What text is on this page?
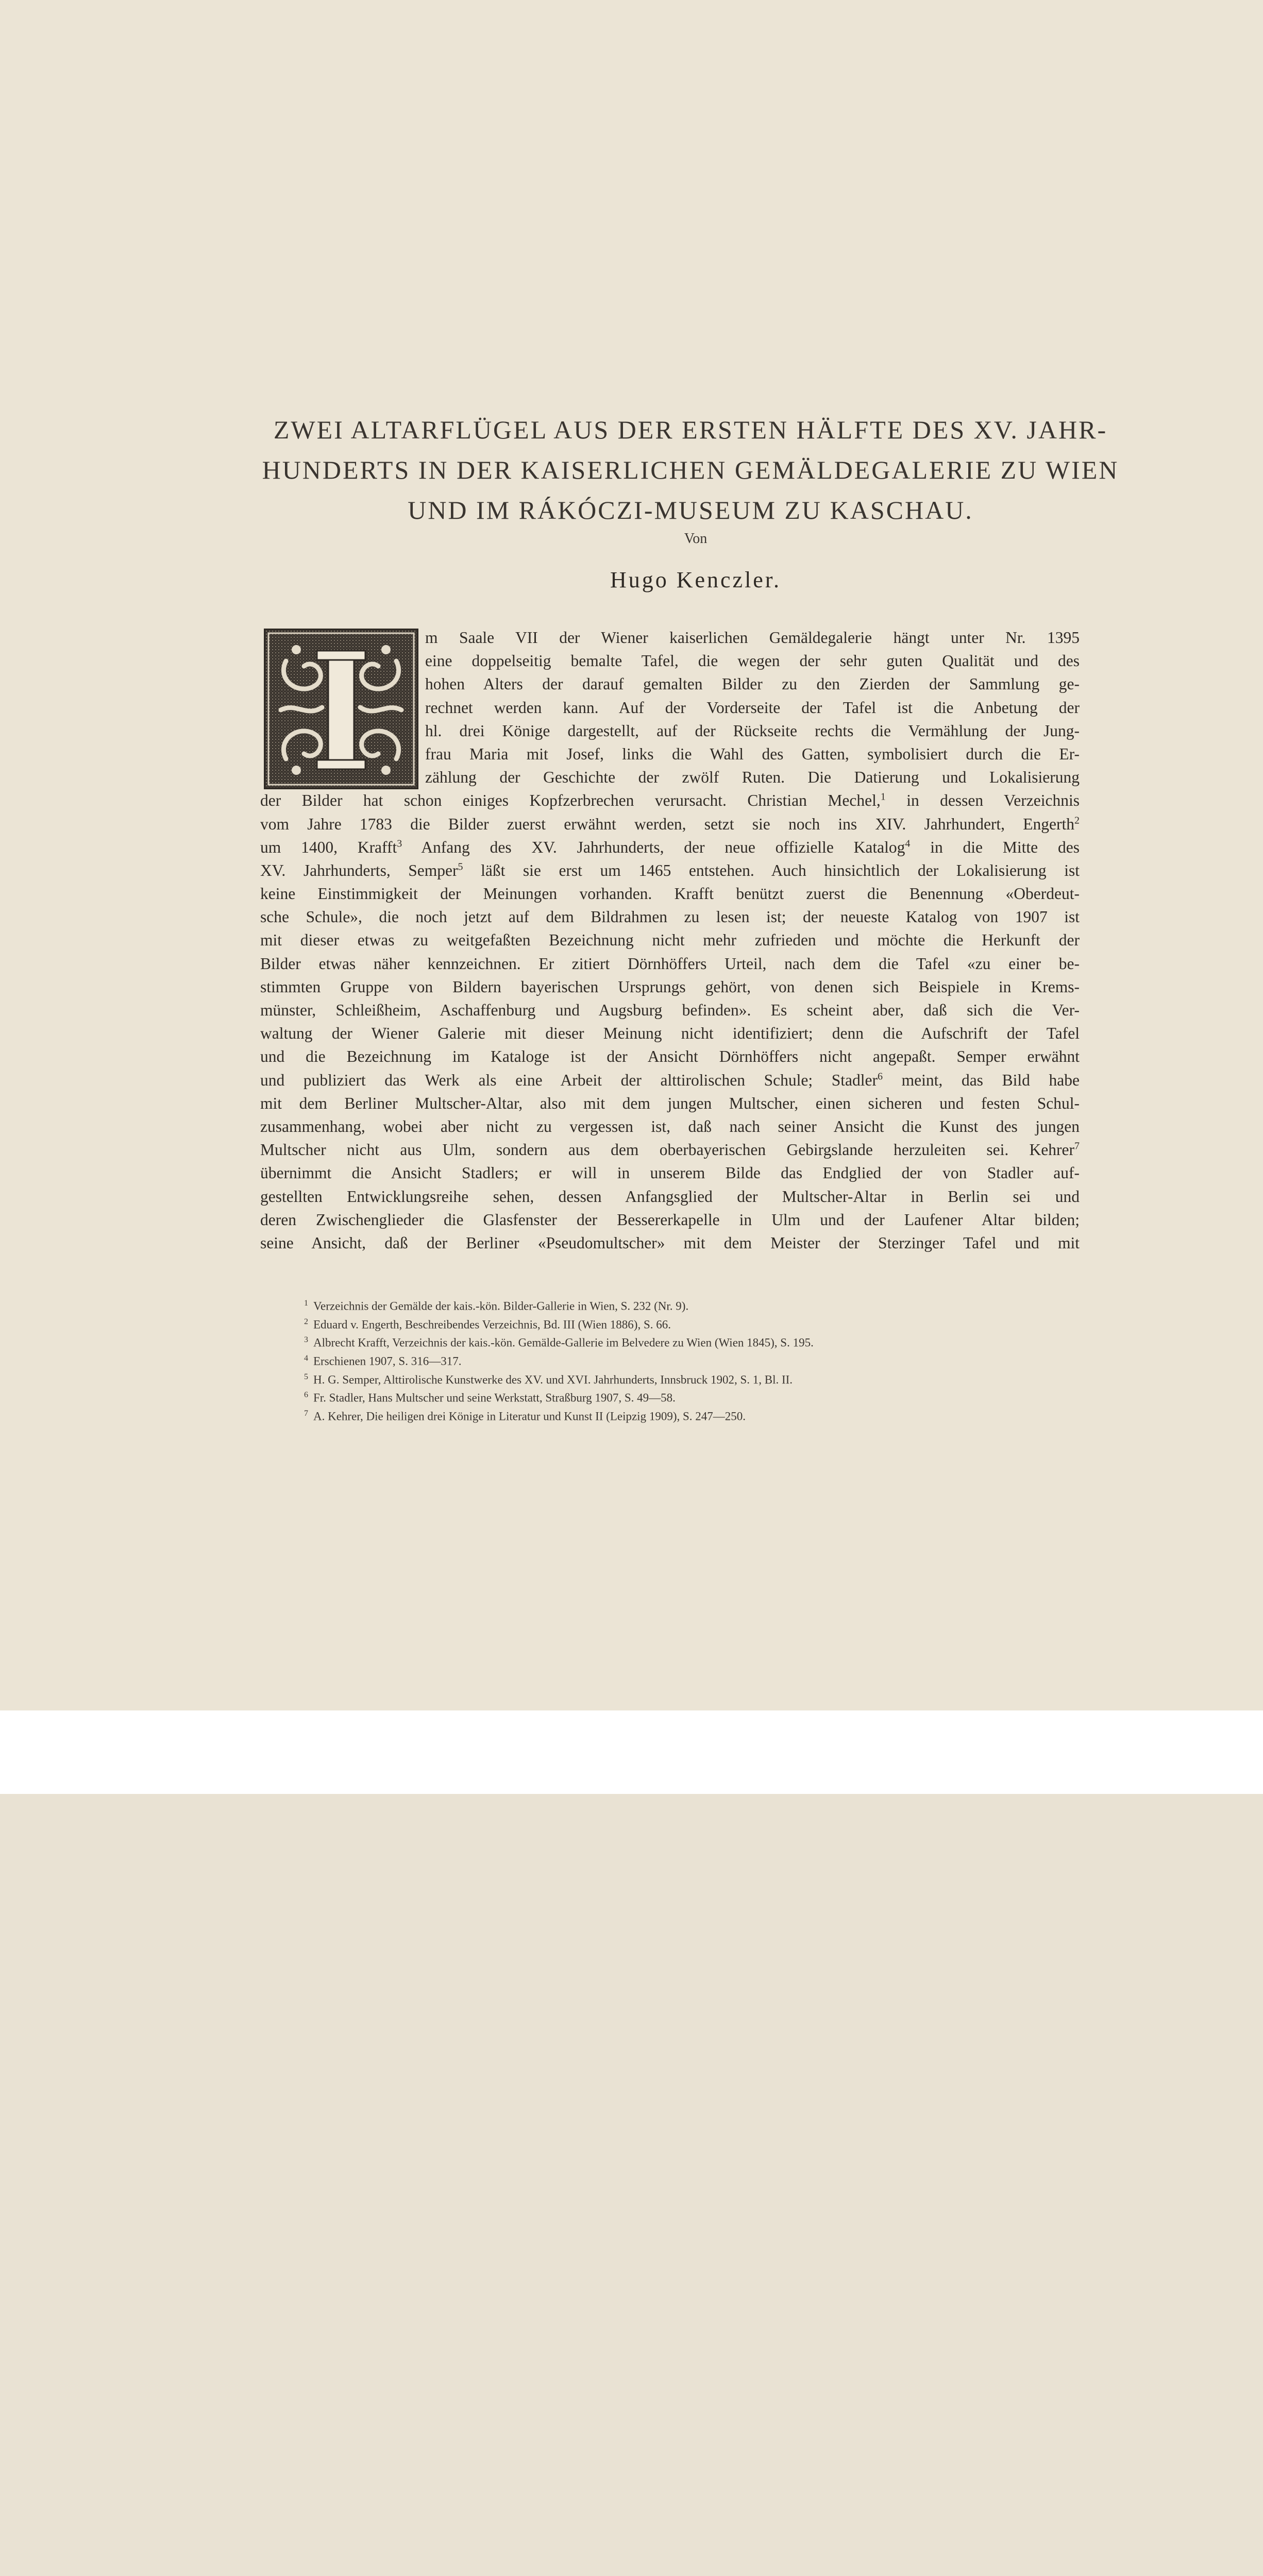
ZWEI ALTARFLÜGEL AUS DER ERSTEN HÄLFTE DES XV. JAHR-
HUNDERTS IN DER KAISERLICHEN GEMÄLDEGALERIE ZU WIEN
UND IM RÁKÓCZI-MUSEUM ZU KASCHAU.
Von
Hugo Kenczler.
m Saale VII der Wiener kaiserlichen Gemäldegalerie hängt unter Nr. 1395
eine doppelseitig bemalte Tafel, die wegen der sehr guten Qualität und des
hohen Alters der darauf gemalten Bilder zu den Zierden der Sammlung ge-
rechnet werden kann. Auf der Vorderseite der Tafel ist die Anbetung der
hl. drei Könige dargestellt, auf der Rückseite rechts die Vermählung der Jung-
frau Maria mit Josef, links die Wahl des Gatten, symbolisiert durch die Er-
zählung der Geschichte der zwölf Ruten. Die Datierung und Lokalisierung
der Bilder hat schon einiges Kopfzerbrechen verursacht. Christian Mechel,$^1$ in dessen Verzeichnis
vom Jahre 1783 die Bilder zuerst erwähnt werden, setzt sie noch ins XIV. Jahrhundert, Engerth$^2$
um 1400, Krafft$^3$ Anfang des XV. Jahrhunderts, der neue offizielle Katalog$^4$ in die Mitte des
XV. Jahrhunderts, Semper$^5$ läßt sie erst um 1465 entstehen. Auch hinsichtlich der Lokalisierung ist
keine Einstimmigkeit der Meinungen vorhanden. Krafft benützt zuerst die Benennung «Oberdeut-
sche Schule», die noch jetzt auf dem Bildrahmen zu lesen ist; der neueste Katalog von 1907 ist
mit dieser etwas zu weitgefaßten Bezeichnung nicht mehr zufrieden und möchte die Herkunft der
Bilder etwas näher kennzeichnen. Er zitiert Dörnhöffers Urteil, nach dem die Tafel «zu einer be-
stimmten Gruppe von Bildern bayerischen Ursprungs gehört, von denen sich Beispiele in Krems-
münster, Schleißheim, Aschaffenburg und Augsburg befinden». Es scheint aber, daß sich die Ver-
waltung der Wiener Galerie mit dieser Meinung nicht identifiziert; denn die Aufschrift der Tafel
und die Bezeichnung im Kataloge ist der Ansicht Dörnhöffers nicht angepaßt. Semper erwähnt
und publiziert das Werk als eine Arbeit der alttirolischen Schule; Stadler$^6$ meint, das Bild habe
mit dem Berliner Multscher-Altar, also mit dem jungen Multscher, einen sicheren und festen Schul-
zusammenhang, wobei aber nicht zu vergessen ist, daß nach seiner Ansicht die Kunst des jungen
Multscher nicht aus Ulm, sondern aus dem oberbayerischen Gebirgslande herzuleiten sei. Kehrer$^7$
übernimmt die Ansicht Stadlers; er will in unserem Bilde das Endglied der von Stadler auf-
gestellten Entwicklungsreihe sehen, dessen Anfangsglied der Multscher-Altar in Berlin sei und
deren Zwischenglieder die Glasfenster der Bessererkapelle in Ulm und der Laufener Altar bilden;
seine Ansicht, daß der Berliner «Pseudomultscher» mit dem Meister der Sterzinger Tafel und mit
$^1$ Verzeichnis der Gemälde der kais.-kön. Bilder-Gallerie in Wien, S. 232 (Nr. 9).
$^2$ Eduard v. Engerth, Beschreibendes Verzeichnis, Bd. III (Wien 1886), S. 66.
$^3$ Albrecht Krafft, Verzeichnis der kais.-kön. Gemälde-Gallerie im Belvedere zu Wien (Wien 1845), S. 195.
$^4$ Erschienen 1907, S. 316—317.
$^5$ H. G. Semper, Alttirolische Kunstwerke des XV. und XVI. Jahrhunderts, Innsbruck 1902, S. 1, Bl. II.
$^6$ Fr. Stadler, Hans Multscher und seine Werkstatt, Straßburg 1907, S. 49—58.
$^7$ A. Kehrer, Die heiligen drei Könige in Literatur und Kunst II (Leipzig 1909), S. 247—250.
